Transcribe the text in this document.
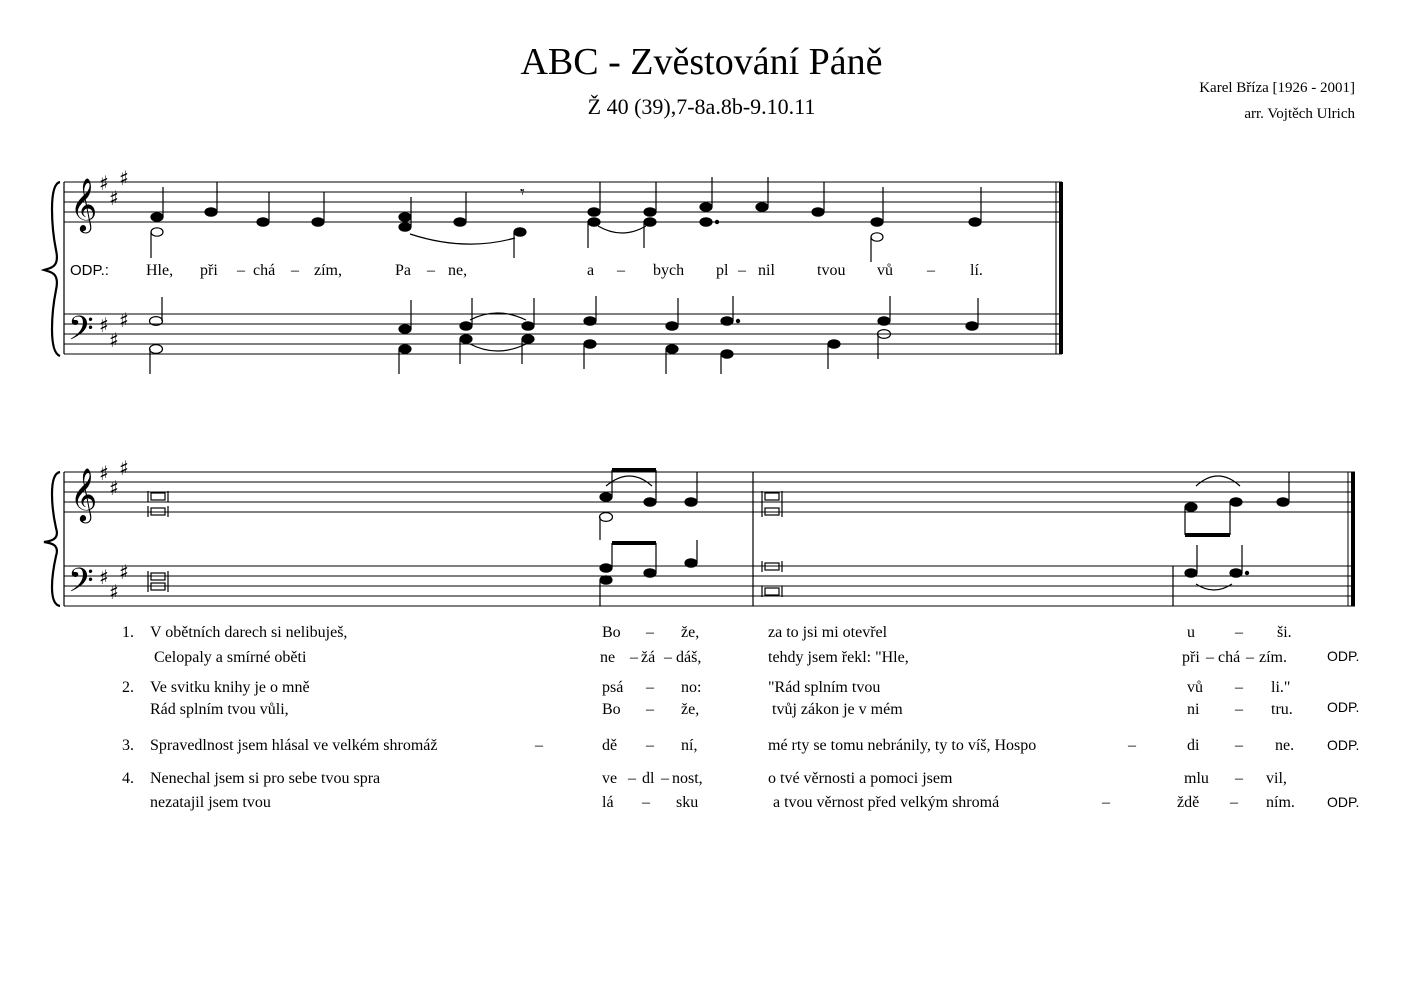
ABC - Zvěstování Páně
Ž 40 (39),7-8a.8b-9.10.11
Karel Bříza [1926 - 2001]
arr. Vojtěch Ulrich
𝄞
𝄢
♯
♯
♯
♯
♯
♯
𝄾
𝄞
𝄢
♯
♯
♯
♯
♯
♯
ODP.: Hle, při – chá – zím,	Pa – ne,	a – bych pl – nil	tvou vů – lí.
1. V obětních darech si nelibuješ,	Bo – že,	za to jsi mi otevřel	u	– ši.
Celopaly a smírné oběti	ne – žá – dáš,	tehdy jsem řekl: "Hle,	při – chá – zím.	ODP.
2. Ve svitku knihy je o mně	psá – no:	"Rád splním tvou	vů – li."
Rád splním tvou vůli,	Bo – že,	tvůj zákon je v mém	ni – tru. ODP.
3. Spravedlnost jsem hlásal ve velkém shromáž	–	dě – ní,	mé rty se tomu nebránily, ty to víš, Hospo	–	di – ne. ODP.
4. Nenechal jsem si pro sebe tvou spra	ve – dl – nost,	o tvé věrnosti a pomoci jsem	mlu – vil,
nezatajil jsem tvou	lá – sku	a tvou věrnost před velkým shromá	–	ždě – ním. ODP.
